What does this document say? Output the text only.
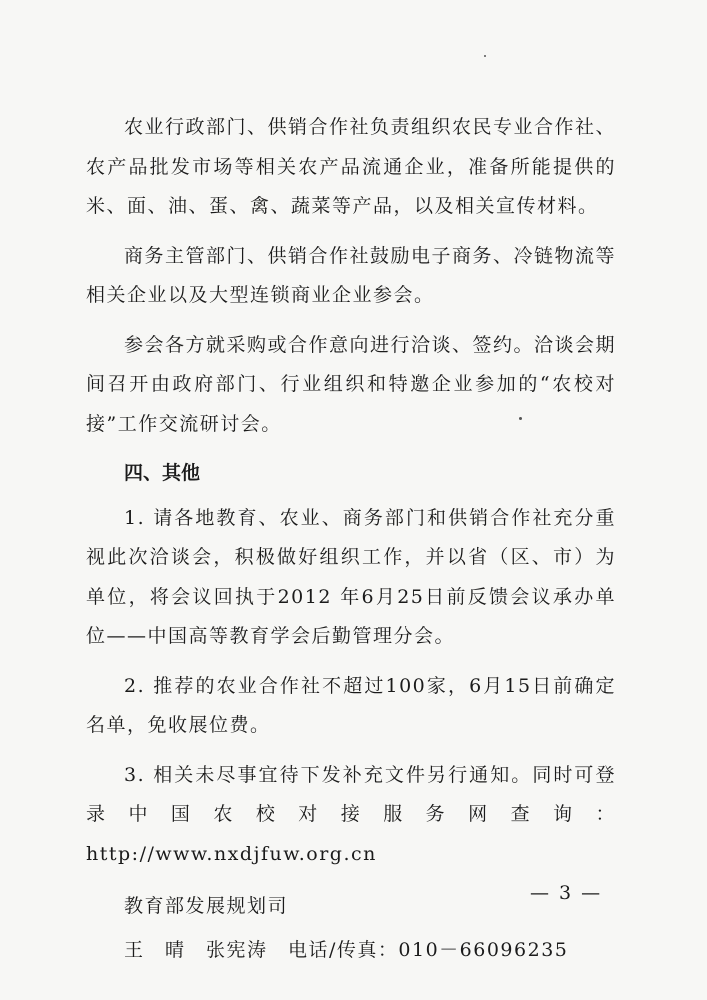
农业行政部门、供销合作社负责组织农民专业合作社、农产品批发市场等相关农产品流通企业，准备所能提供的米、面、油、蛋、禽、蔬菜等产品，以及相关宣传材料。

商务主管部门、供销合作社鼓励电子商务、冷链物流等相关企业以及大型连锁商业企业参会。

参会各方就采购或合作意向进行洽谈、签约。洽谈会期间召开由政府部门、行业组织和特邀企业参加的“农校对接”工作交流研讨会。

四、其他

1. 请各地教育、农业、商务部门和供销合作社充分重视此次洽谈会，积极做好组织工作，并以省（区、市）为单位，将会议回执于2012 年6月25日前反馈会议承办单位——中国高等教育学会后勤管理分会。

2. 推荐的农业合作社不超过100家，6月15日前确定名单，免收展位费。

3. 相关未尽事宜待下发补充文件另行通知。同时可登录中国农校对接服务网查询：http://www.nxdjfuw.org.cn

教育部发展规划司

王　晴　张宪涛　电话/传真：010－66096235

— 3 —
